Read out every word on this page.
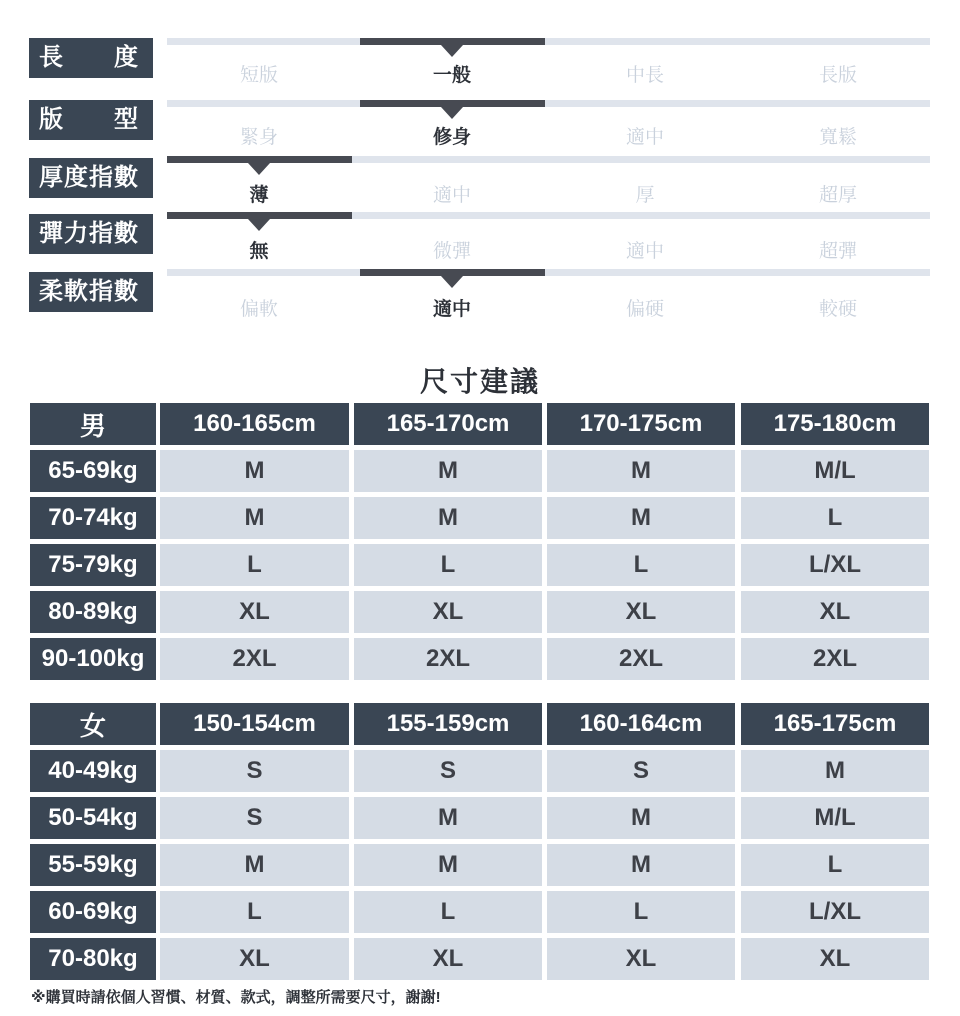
長　　度
短版	一般	中長	長版
版　　型
緊身	修身	適中	寬鬆
厚度指數
薄	適中	厚	超厚
彈力指數
無	微彈	適中	超彈
柔軟指數
偏軟	適中	偏硬	較硬
尺寸建議
男	160-165cm	165-170cm	170-175cm	175-180cm
65-69kg	M	M	M	M/L
70-74kg	M	M	M	L
75-79kg	L	L	L	L/XL
80-89kg	XL	XL	XL	XL
90-100kg	2XL	2XL	2XL	2XL
女	150-154cm	155-159cm	160-164cm	165-175cm
40-49kg	S	S	S	M
50-54kg	S	M	M	M/L
55-59kg	M	M	M	L
60-69kg	L	L	L	L/XL
70-80kg	XL	XL	XL	XL
※購買時請依個人習慣、材質、款式，調整所需要尺寸，謝謝!
